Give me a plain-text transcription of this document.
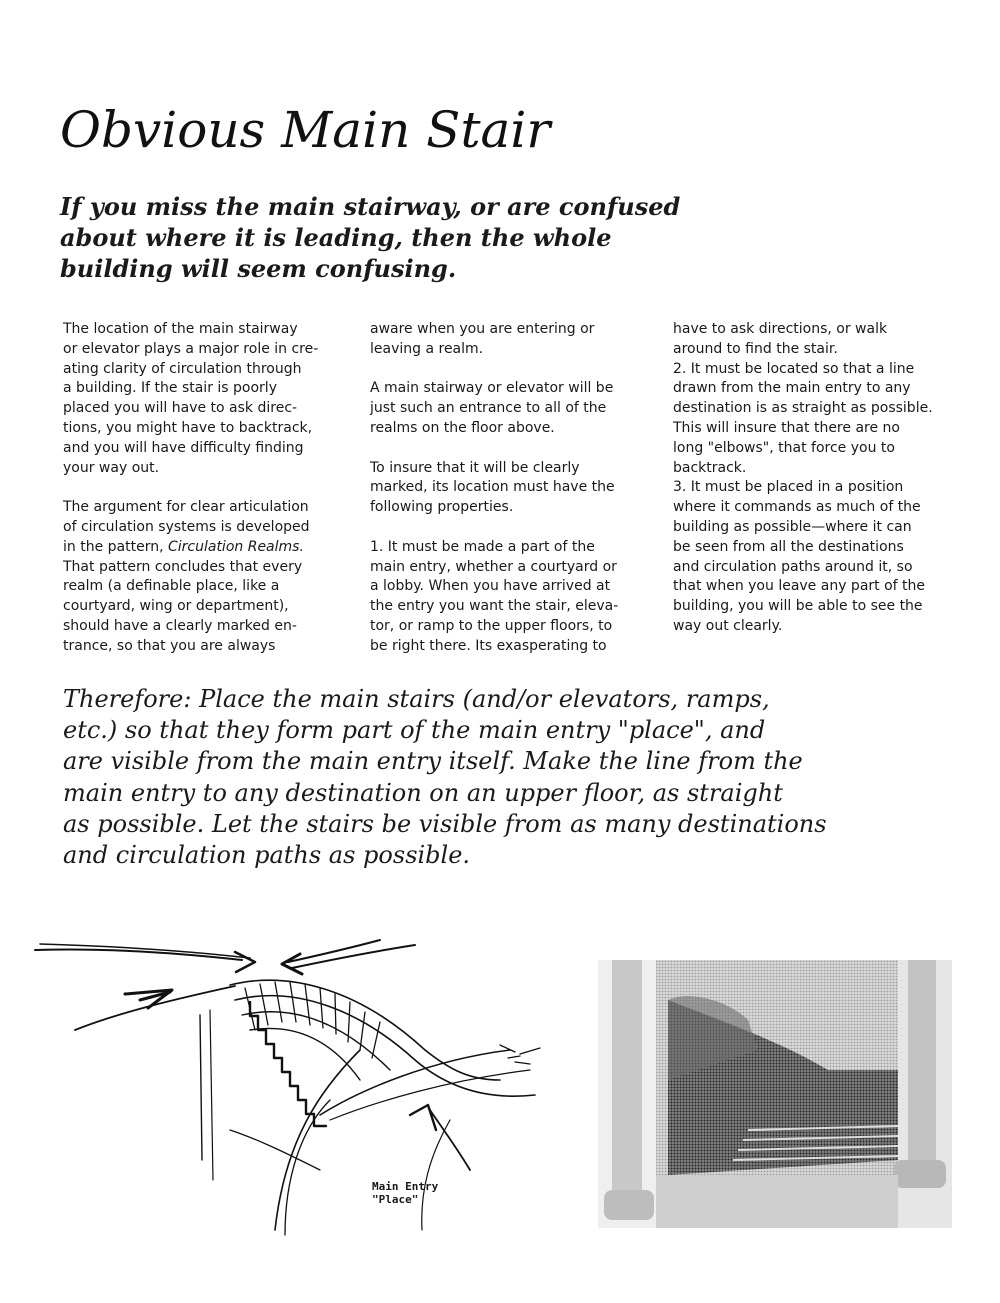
Obvious Main Stair
If you miss the main stairway, or are confused
about where it is leading, then the whole
building will seem confusing.

The location of the main stairway
or elevator plays a major role in cre-
ating clarity of circulation through
a building. If the stair is poorly
placed you will have to ask direc-
tions, you might have to backtrack,
and you will have difficulty finding
your way out.

The argument for clear articulation
of circulation systems is developed
in the pattern, Circulation Realms.
That pattern concludes that every
realm (a definable place, like a
courtyard, wing or department),
should have a clearly marked en-
trance, so that you are always

aware when you are entering or
leaving a realm.

A main stairway or elevator will be
just such an entrance to all of the
realms on the floor above.

To insure that it will be clearly
marked, its location must have the
following properties.

1. It must be made a part of the
main entry, whether a courtyard or
a lobby. When you have arrived at
the entry you want the stair, eleva-
tor, or ramp to the upper floors, to
be right there. Its exasperating to

have to ask directions, or walk
around to find the stair.
2. It must be located so that a line
drawn from the main entry to any
destination is as straight as possible.
This will insure that there are no
long "elbows", that force you to
backtrack.
3. It must be placed in a position
where it commands as much of the
building as possible—where it can
be seen from all the destinations
and circulation paths around it, so
that when you leave any part of the
building, you will be able to see the
way out clearly.

Therefore: Place the main stairs (and/or elevators, ramps,
etc.) so that they form part of the main entry "place", and
are visible from the main entry itself. Make the line from the
main entry to any destination on an upper floor, as straight
as possible. Let the stairs be visible from as many destinations
and circulation paths as possible.

Main Entry
"Place"
